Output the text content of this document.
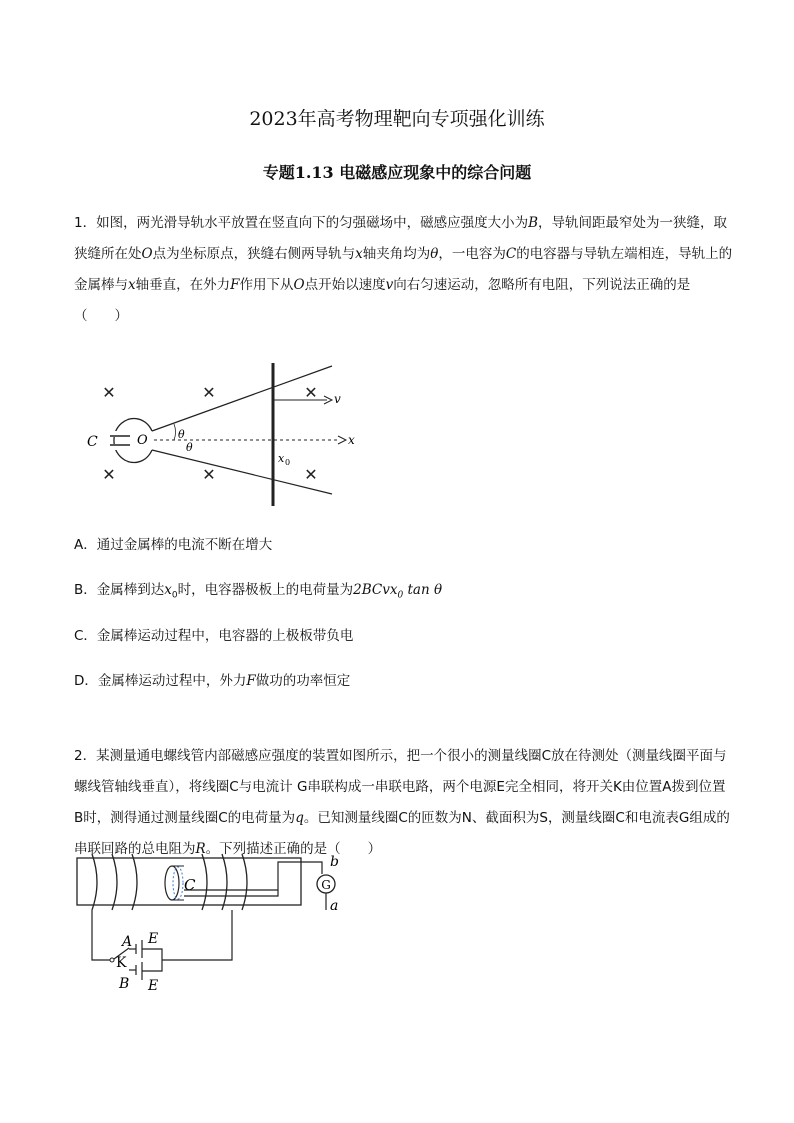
2023年高考物理靶向专项强化训练
专题1.13 电磁感应现象中的综合问题
1．如图，两光滑导轨水平放置在竖直向下的匀强磁场中，磁感应强度大小为B，导轨间距最窄处为一狭缝，取狭缝所在处O点为坐标原点，狭缝右侧两导轨与x轴夹角均为θ，一电容为C的电容器与导轨左端相连，导轨上的金属棒与x轴垂直，在外力F作用下从O点开始以速度v向右匀速运动，忽略所有电阻，下列说法正确的是（　　）
✕	✕	✕
✕	✕	✕
C	x
O	θ
θ
x 0
v
A．通过金属棒的电流不断在增大
B．金属棒到达$x_0$时，电容器极板上的电荷量为2BCvx$_0$ tan θ
C．金属棒运动过程中，电容器的上极板带负电
D．金属棒运动过程中，外力F做功的功率恒定
2．某测量通电螺线管内部磁感应强度的装置如图所示，把一个很小的测量线圈C放在待测处（测量线圈平面与螺线管轴线垂直），将线圈C与电流计 G串联构成一串联电路，两个电源E完全相同，将开关K由位置A拨到位置 B时，测得通过测量线圈C的电荷量为q。已知测量线圈C的匝数为N、截面积为S，测量线圈C和电流表G组成的串联回路的总电阻为R。下列描述正确的是（　　）
C	G
b
a
A E
K
B E
